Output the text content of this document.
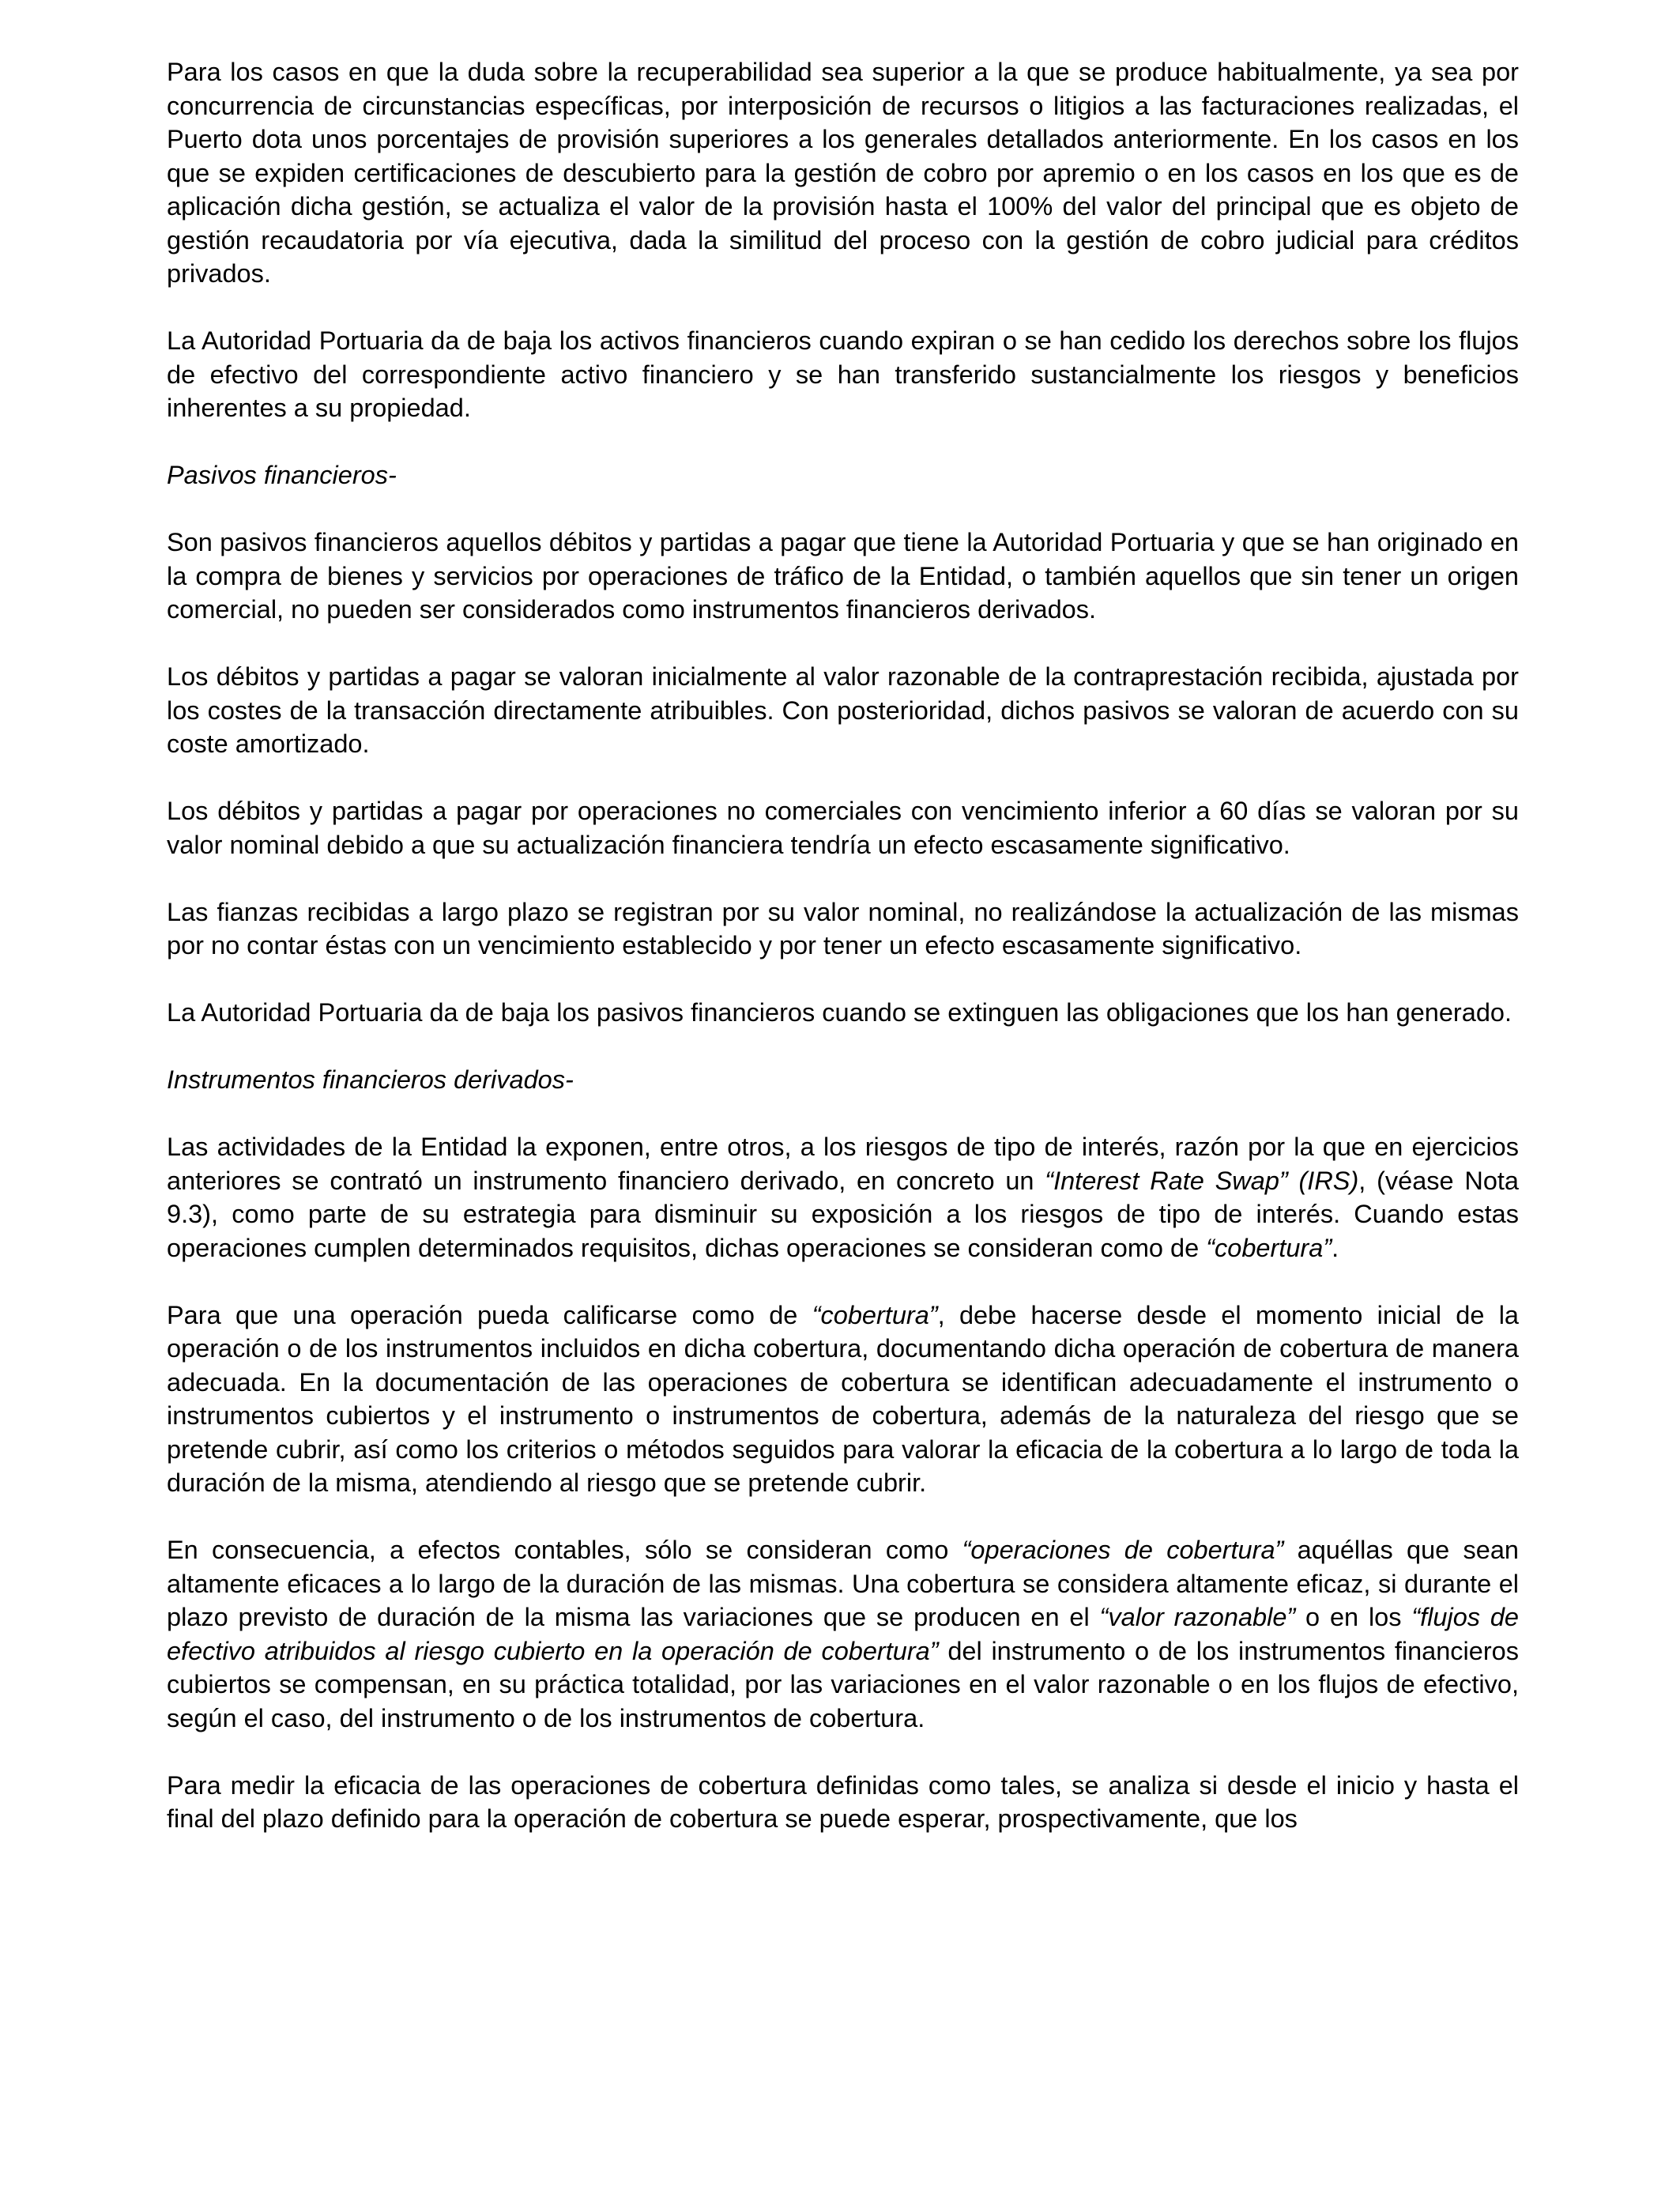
Para los casos en que la duda sobre la recuperabilidad sea superior a la que se produce habitualmente, ya sea por concurrencia de circunstancias específicas, por interposición de recursos o litigios a las facturaciones realizadas, el Puerto dota unos porcentajes de provisión superiores a los generales detallados anteriormente. En los casos en los que se expiden certificaciones de descubierto para la gestión de cobro por apremio o en los casos en los que es de aplicación dicha gestión, se actualiza el valor de la provisión hasta el 100% del valor del principal que es objeto de gestión recaudatoria por vía ejecutiva, dada la similitud del proceso con la gestión de cobro judicial para créditos privados.

La Autoridad Portuaria da de baja los activos financieros cuando expiran o se han cedido los derechos sobre los flujos de efectivo del correspondiente activo financiero y se han transferido sustancialmente los riesgos y beneficios inherentes a su propiedad.

Pasivos financieros-

Son pasivos financieros aquellos débitos y partidas a pagar que tiene la Autoridad Portuaria y que se han originado en la compra de bienes y servicios por operaciones de tráfico de la Entidad, o también aquellos que sin tener un origen comercial, no pueden ser considerados como instrumentos financieros derivados.

Los débitos y partidas a pagar se valoran inicialmente al valor razonable de la contraprestación recibida, ajustada por los costes de la transacción directamente atribuibles. Con posterioridad, dichos pasivos se valoran de acuerdo con su coste amortizado.

Los débitos y partidas a pagar por operaciones no comerciales con vencimiento inferior a 60 días se valoran por su valor nominal debido a que su actualización financiera tendría un efecto escasamente significativo.

Las fianzas recibidas a largo plazo se registran por su valor nominal, no realizándose la actualización de las mismas por no contar éstas con un vencimiento establecido y por tener un efecto escasamente significativo.

La Autoridad Portuaria da de baja los pasivos financieros cuando se extinguen las obligaciones que los han generado.

Instrumentos financieros derivados-

Las actividades de la Entidad la exponen, entre otros, a los riesgos de tipo de interés, razón por la que en ejercicios anteriores se contrató un instrumento financiero derivado, en concreto un “Interest Rate Swap” (IRS), (véase Nota 9.3), como parte de su estrategia para disminuir su exposición a los riesgos de tipo de interés. Cuando estas operaciones cumplen determinados requisitos, dichas operaciones se consideran como de “cobertura”.

Para que una operación pueda calificarse como de “cobertura”, debe hacerse desde el momento inicial de la operación o de los instrumentos incluidos en dicha cobertura, documentando dicha operación de cobertura de manera adecuada. En la documentación de las operaciones de cobertura se identifican adecuadamente el instrumento o instrumentos cubiertos y el instrumento o instrumentos de cobertura, además de la naturaleza del riesgo que se pretende cubrir, así como los criterios o métodos seguidos para valorar la eficacia de la cobertura a lo largo de toda la duración de la misma, atendiendo al riesgo que se pretende cubrir.

En consecuencia, a efectos contables, sólo se consideran como “operaciones de cobertura” aquéllas que sean altamente eficaces a lo largo de la duración de las mismas. Una cobertura se considera altamente eficaz, si durante el plazo previsto de duración de la misma las variaciones que se producen en el “valor razonable” o en los “flujos de efectivo atribuidos al riesgo cubierto en la operación de cobertura” del instrumento o de los instrumentos financieros cubiertos se compensan, en su práctica totalidad, por las variaciones en el valor razonable o en los flujos de efectivo, según el caso, del instrumento o de los instrumentos de cobertura.

Para medir la eficacia de las operaciones de cobertura definidas como tales, se analiza si desde el inicio y hasta el final del plazo definido para la operación de cobertura se puede esperar, prospectivamente, que los
